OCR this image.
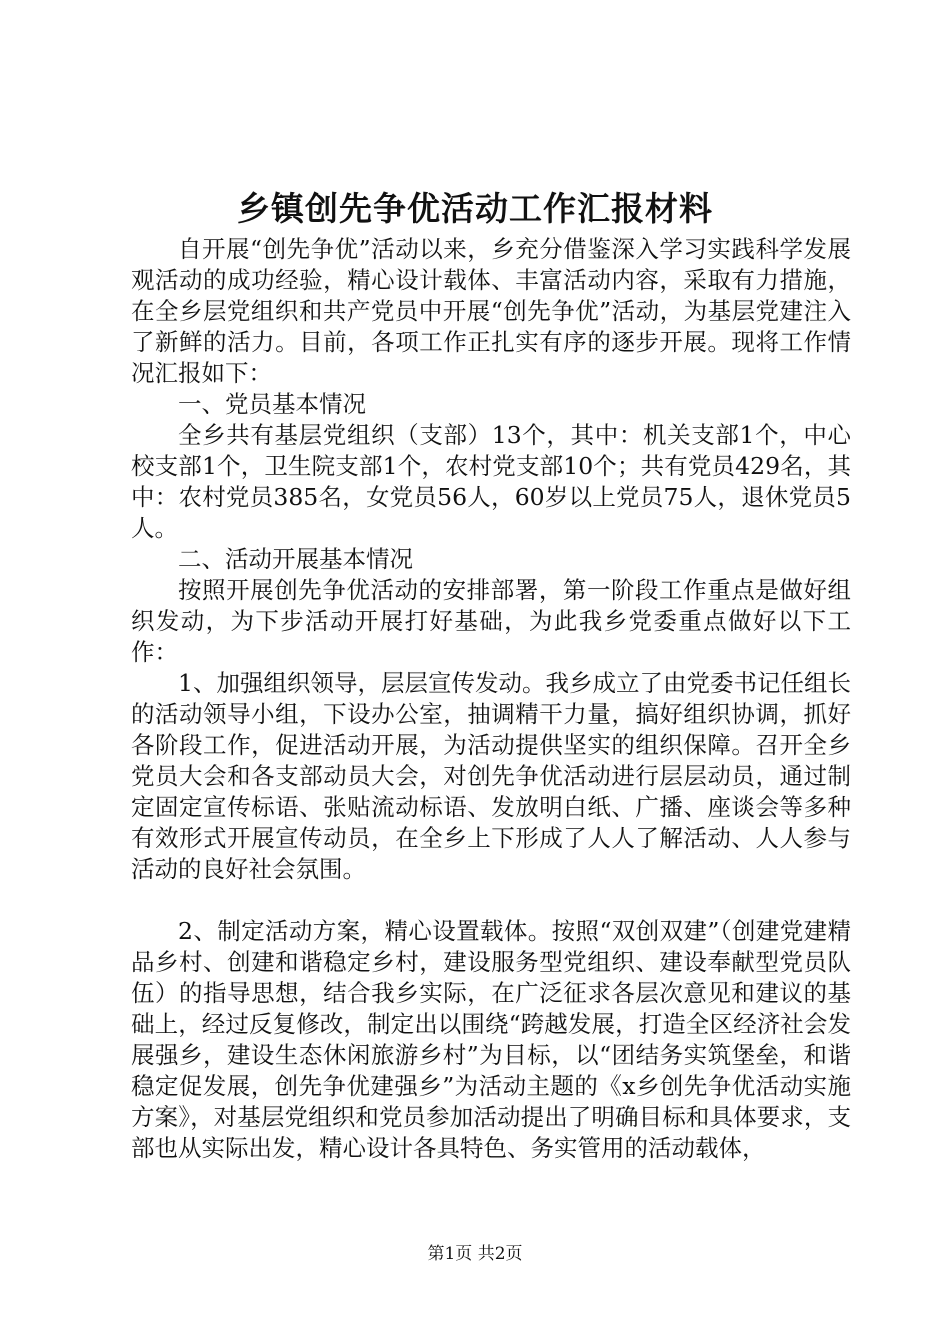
乡镇创先争优活动工作汇报材料

自开展“创先争优”活动以来，乡充分借鉴深入学习实践科学发展观活动的成功经验，精心设计载体、丰富活动内容，采取有力措施，在全乡层党组织和共产党员中开展“创先争优”活动，为基层党建注入了新鲜的活力。目前，各项工作正扎实有序的逐步开展。现将工作情况汇报如下：

一、党员基本情况

全乡共有基层党组织（支部）13个，其中：机关支部1个，中心校支部1个，卫生院支部1个，农村党支部10个；共有党员429名，其中：农村党员385名，女党员56人，60岁以上党员75人，退休党员5人。

二、活动开展基本情况

按照开展创先争优活动的安排部署，第一阶段工作重点是做好组织发动，为下步活动开展打好基础，为此我乡党委重点做好以下工作：

1、加强组织领导，层层宣传发动。我乡成立了由党委书记任组长的活动领导小组，下设办公室，抽调精干力量，搞好组织协调，抓好各阶段工作，促进活动开展，为活动提供坚实的组织保障。召开全乡党员大会和各支部动员大会，对创先争优活动进行层层动员，通过制定固定宣传标语、张贴流动标语、发放明白纸、广播、座谈会等多种有效形式开展宣传动员，在全乡上下形成了人人了解活动、人人参与活动的良好社会氛围。

2、制定活动方案，精心设置载体。按照“双创双建”（创建党建精品乡村、创建和谐稳定乡村，建设服务型党组织、建设奉献型党员队伍）的指导思想，结合我乡实际，在广泛征求各层次意见和建议的基础上，经过反复修改，制定出以围绕“跨越发展，打造全区经济社会发展强乡，建设生态休闲旅游乡村”为目标，以“团结务实筑堡垒，和谐稳定促发展，创先争优建强乡”为活动主题的《x乡创先争优活动实施方案》，对基层党组织和党员参加活动提出了明确目标和具体要求，支部也从实际出发，精心设计各具特色、务实管用的活动载体，

第1页 共2页
